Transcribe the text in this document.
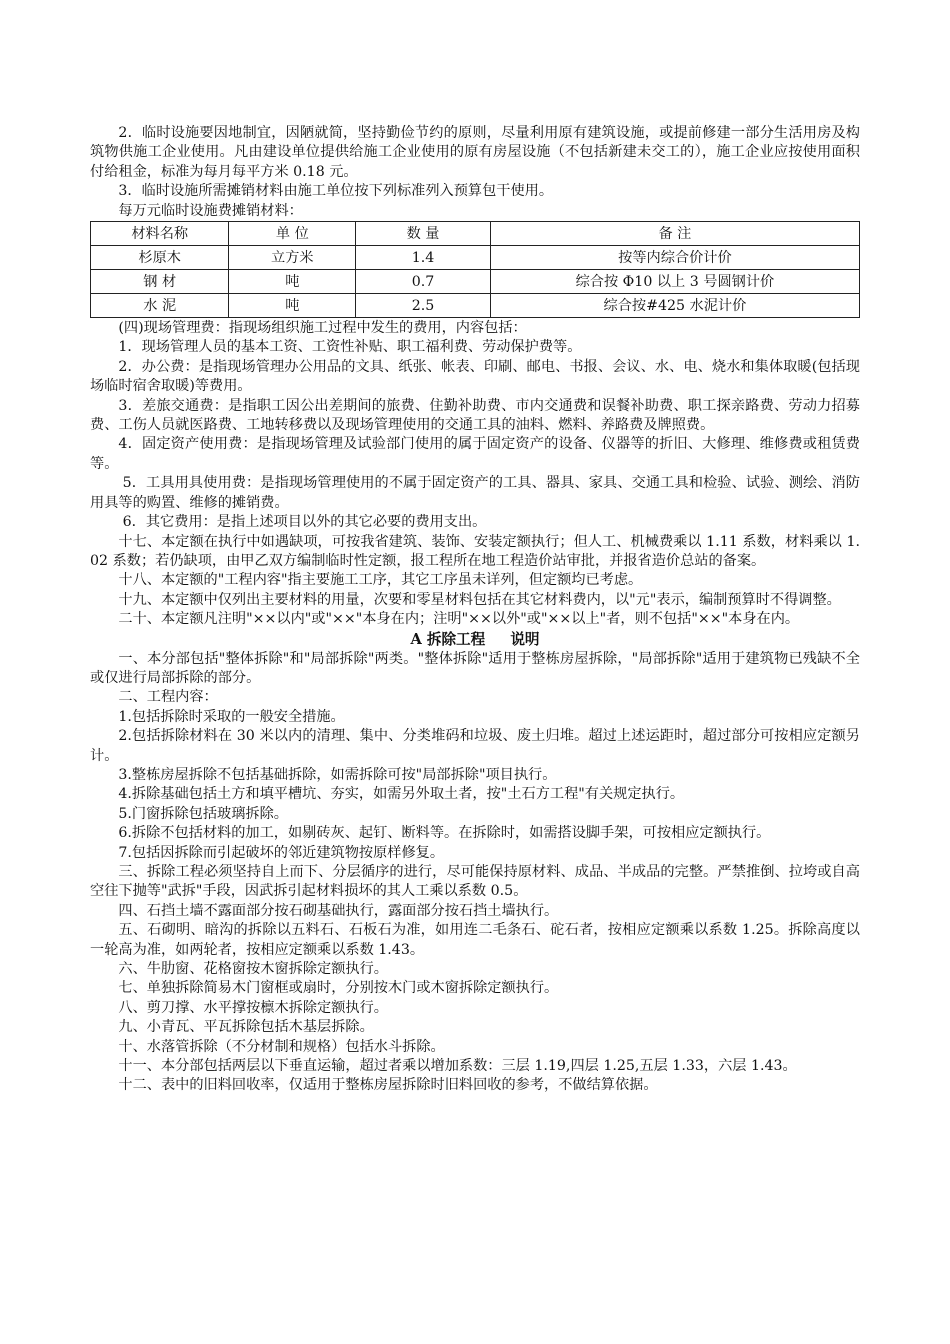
2．临时设施要因地制宜，因陋就简，坚持勤俭节约的原则，尽量利用原有建筑设施，或提前修建一部分生活用房及构筑物供施工企业使用。凡由建设单位提供给施工企业使用的原有房屋设施（不包括新建未交工的），施工企业应按使用面积付给租金，标准为每月每平方米 0.18 元。

3．临时设施所需摊销材料由施工单位按下列标准列入预算包干使用。

每万元临时设施费摊销材料：

材料名称	单 位	数 量	备 注
杉原木	立方米	1.4	按等内综合价计价
钢 材	吨	0.7	综合按 Φ10 以上 3 号圆钢计价
水 泥	吨	2.5	综合按#425 水泥计价

(四)现场管理费：指现场组织施工过程中发生的费用，内容包括：

1．现场管理人员的基本工资、工资性补贴、职工福利费、劳动保护费等。

2．办公费：是指现场管理办公用品的文具、纸张、帐表、印刷、邮电、书报、会议、水、电、烧水和集体取暖(包括现场临时宿舍取暖)等费用。

3．差旅交通费：是指职工因公出差期间的旅费、住勤补助费、市内交通费和误餐补助费、职工探亲路费、劳动力招募费、工伤人员就医路费、工地转移费以及现场管理使用的交通工具的油料、燃料、养路费及牌照费。

4．固定资产使用费：是指现场管理及试验部门使用的属于固定资产的设备、仪器等的折旧、大修理、维修费或租赁费等。

5．工具用具使用费：是指现场管理使用的不属于固定资产的工具、器具、家具、交通工具和检验、试验、测绘、消防用具等的购置、维修的摊销费。

6．其它费用：是指上述项目以外的其它必要的费用支出。

十七、本定额在执行中如遇缺项，可按我省建筑、装饰、安装定额执行；但人工、机械费乘以 1.11 系数，材料乘以 1.02 系数；若仍缺项，由甲乙双方编制临时性定额，报工程所在地工程造价站审批，并报省造价总站的备案。

十八、本定额的"工程内容"指主要施工工序，其它工序虽未详列，但定额均已考虑。

十九、本定额中仅列出主要材料的用量，次要和零星材料包括在其它材料费内，以"元"表示，编制预算时不得调整。

二十、本定额凡注明"××以内"或"××"本身在内；注明"××以外"或"××以上"者，则不包括"××"本身在内。

A 拆除工程 说明

一、本分部包括"整体拆除"和"局部拆除"两类。"整体拆除"适用于整栋房屋拆除，"局部拆除"适用于建筑物已残缺不全或仅进行局部拆除的部分。

二、工程内容：

1.包括拆除时采取的一般安全措施。

2.包括拆除材料在 30 米以内的清理、集中、分类堆码和垃圾、废土归堆。超过上述运距时，超过部分可按相应定额另计。

3.整栋房屋拆除不包括基础拆除，如需拆除可按"局部拆除"项目执行。

4.拆除基础包括土方和填平槽坑、夯实，如需另外取土者，按"土石方工程"有关规定执行。

5.门窗拆除包括玻璃拆除。

6.拆除不包括材料的加工，如剔砖灰、起钉、断料等。在拆除时，如需搭设脚手架，可按相应定额执行。

7.包括因拆除而引起破坏的邻近建筑物按原样修复。

三、拆除工程必须坚持自上而下、分层循序的进行，尽可能保持原材料、成品、半成品的完整。严禁推倒、拉垮或自高空往下抛等"武拆"手段，因武拆引起材料损坏的其人工乘以系数 0.5。

四、石挡土墙不露面部分按石砌基础执行，露面部分按石挡土墙执行。

五、石砌明、暗沟的拆除以五料石、石板石为准，如用连二毛条石、砣石者，按相应定额乘以系数 1.25。拆除高度以一轮高为准，如两轮者，按相应定额乘以系数 1.43。

六、牛肋窗、花格窗按木窗拆除定额执行。

七、单独拆除简易木门窗框或扇时，分别按木门或木窗拆除定额执行。

八、剪刀撑、水平撑按檩木拆除定额执行。

九、小青瓦、平瓦拆除包括木基层拆除。

十、水落管拆除（不分材制和规格）包括水斗拆除。

十一、本分部包括两层以下垂直运输，超过者乘以增加系数：三层 1.19,四层 1.25,五层 1.33，六层 1.43。

十二、表中的旧料回收率，仅适用于整栋房屋拆除时旧料回收的参考，不做结算依据。
